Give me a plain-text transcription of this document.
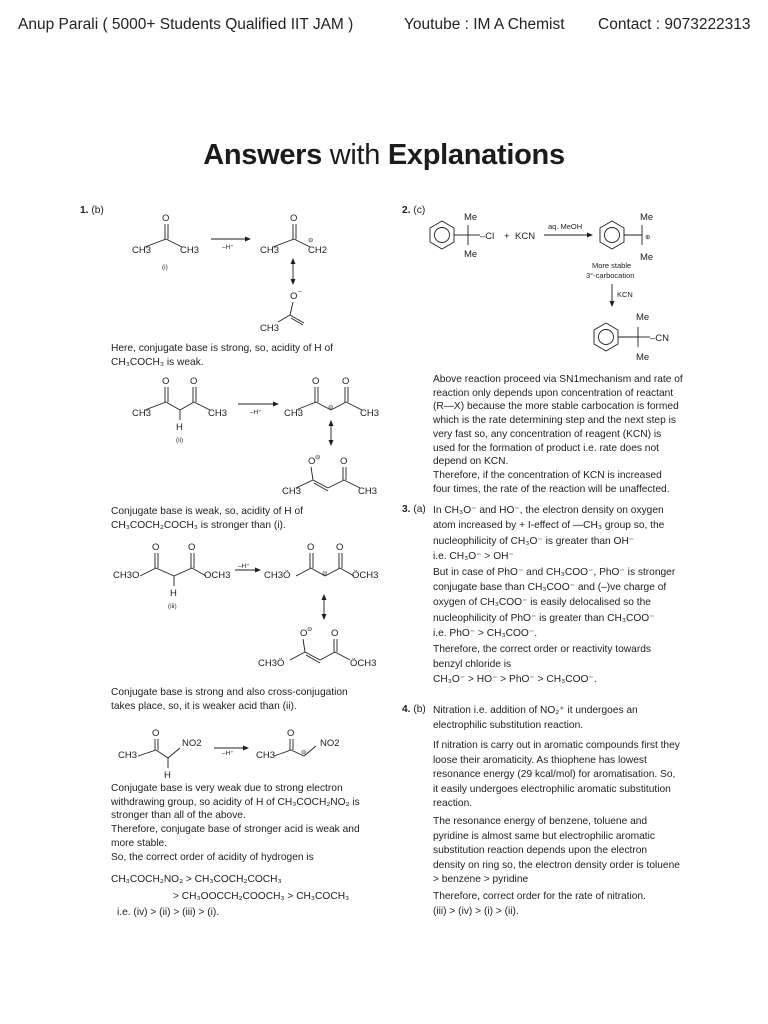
Anup Parali ( 5000+ Students Qualified IIT JAM )	Youtube : IM A Chemist Contact : 9073222313
Answers with Explanations
1. (b)
O
CH3	CH3
(i)
–H⁺
O
CH3	CH2
⊖
O –
CH3

Here, conjugate base is strong, so, acidity of H of

CH₃COCH₃ is weak.

O O
CH3	CH3
H
(ii)
–H⁺
O O
⊖
CH3	CH3
O ⊖ O
CH3	CH3

Conjugate base is weak, so, acidity of H of

CH₃COCH₂COCH₃ is stronger than (i).

O	O
CH3O	OCH3
H
(iii)
–H⁺
O O
⊖
CH3Ö	ÖCH3
O ⊖ O
CH3Ö	ÖCH3

Conjugate base is strong and also cross-conjugation

takes place, so, it is weaker acid than (ii).

O
CH3
NO2
H
–H⁺
O
⊖
CH3
NO2

Conjugate base is very weak due to strong electron

withdrawing group, so acidity of H of CH₃COCH₂NO₂ is

stronger than all of the above.

Therefore, conjugate base of stronger acid is weak and

more stable.

So, the correct order of acidity of hydrogen is

CH₃COCH₂NO₂ > CH₃COCH₂COCH₃
> CH₃OOCCH₂COOCH₃ > CH₃COCH₃
i.e. (iv) > (ii) > (iii) > (i).
2. (c)
Me
Me
–Cl + KCN
aq. MeOH
⊕
Me
Me
More stable
3°-carbocation
KCN
Me
Me
–CN

Above reaction proceed via SN1mechanism and rate of

reaction only depends upon concentration of reactant

(R—X) because the more stable carbocation is formed

which is the rate determining step and the next step is

very fast so, any concentration of reagent (KCN) is

used for the formation of product i.e. rate does not

depend on KCN.

Therefore, if the concentration of KCN is increased

four times, the rate of the reaction will be unaffected.

3. (a) In CH₃O⁻ and HO⁻, the electron density on oxygen

atom increased by + I-effect of —CH₃ group so, the

nucleophilicity of CH₃O⁻ is greater than OH⁻

i.e. CH₃O⁻ > OH⁻

But in case of PhO⁻ and CH₃COO⁻, PhO⁻ is stronger

conjugate base than CH₃COO⁻ and (–)ve charge of

oxygen of CH₃COO⁻ is easily delocalised so the

nucleophilicity of PhO⁻ is greater than CH₃COO⁻

i.e. PhO⁻ > CH₃COO⁻.

Therefore, the correct order or reactivity towards

benzyl chloride is

CH₃O⁻ > HO⁻ > PhO⁻ > CH₃COO⁻.

4. (b) Nitration i.e. addition of NO₂⁺ it undergoes an

electrophilic substitution reaction.

If nitration is carry out in aromatic compounds first they

loose their aromaticity. As thiophene has lowest

resonance energy (29 kcal/mol) for aromatisation. So,

it easily undergoes electrophilic aromatic substitution

reaction.

The resonance energy of benzene, toluene and

pyridine is almost same but electrophilic aromatic

substitution reaction depends upon the electron

density on ring so, the electron density order is toluene

> benzene > pyridine

Therefore, correct order for the rate of nitration.

(iii) > (iv) > (i) > (ii).
